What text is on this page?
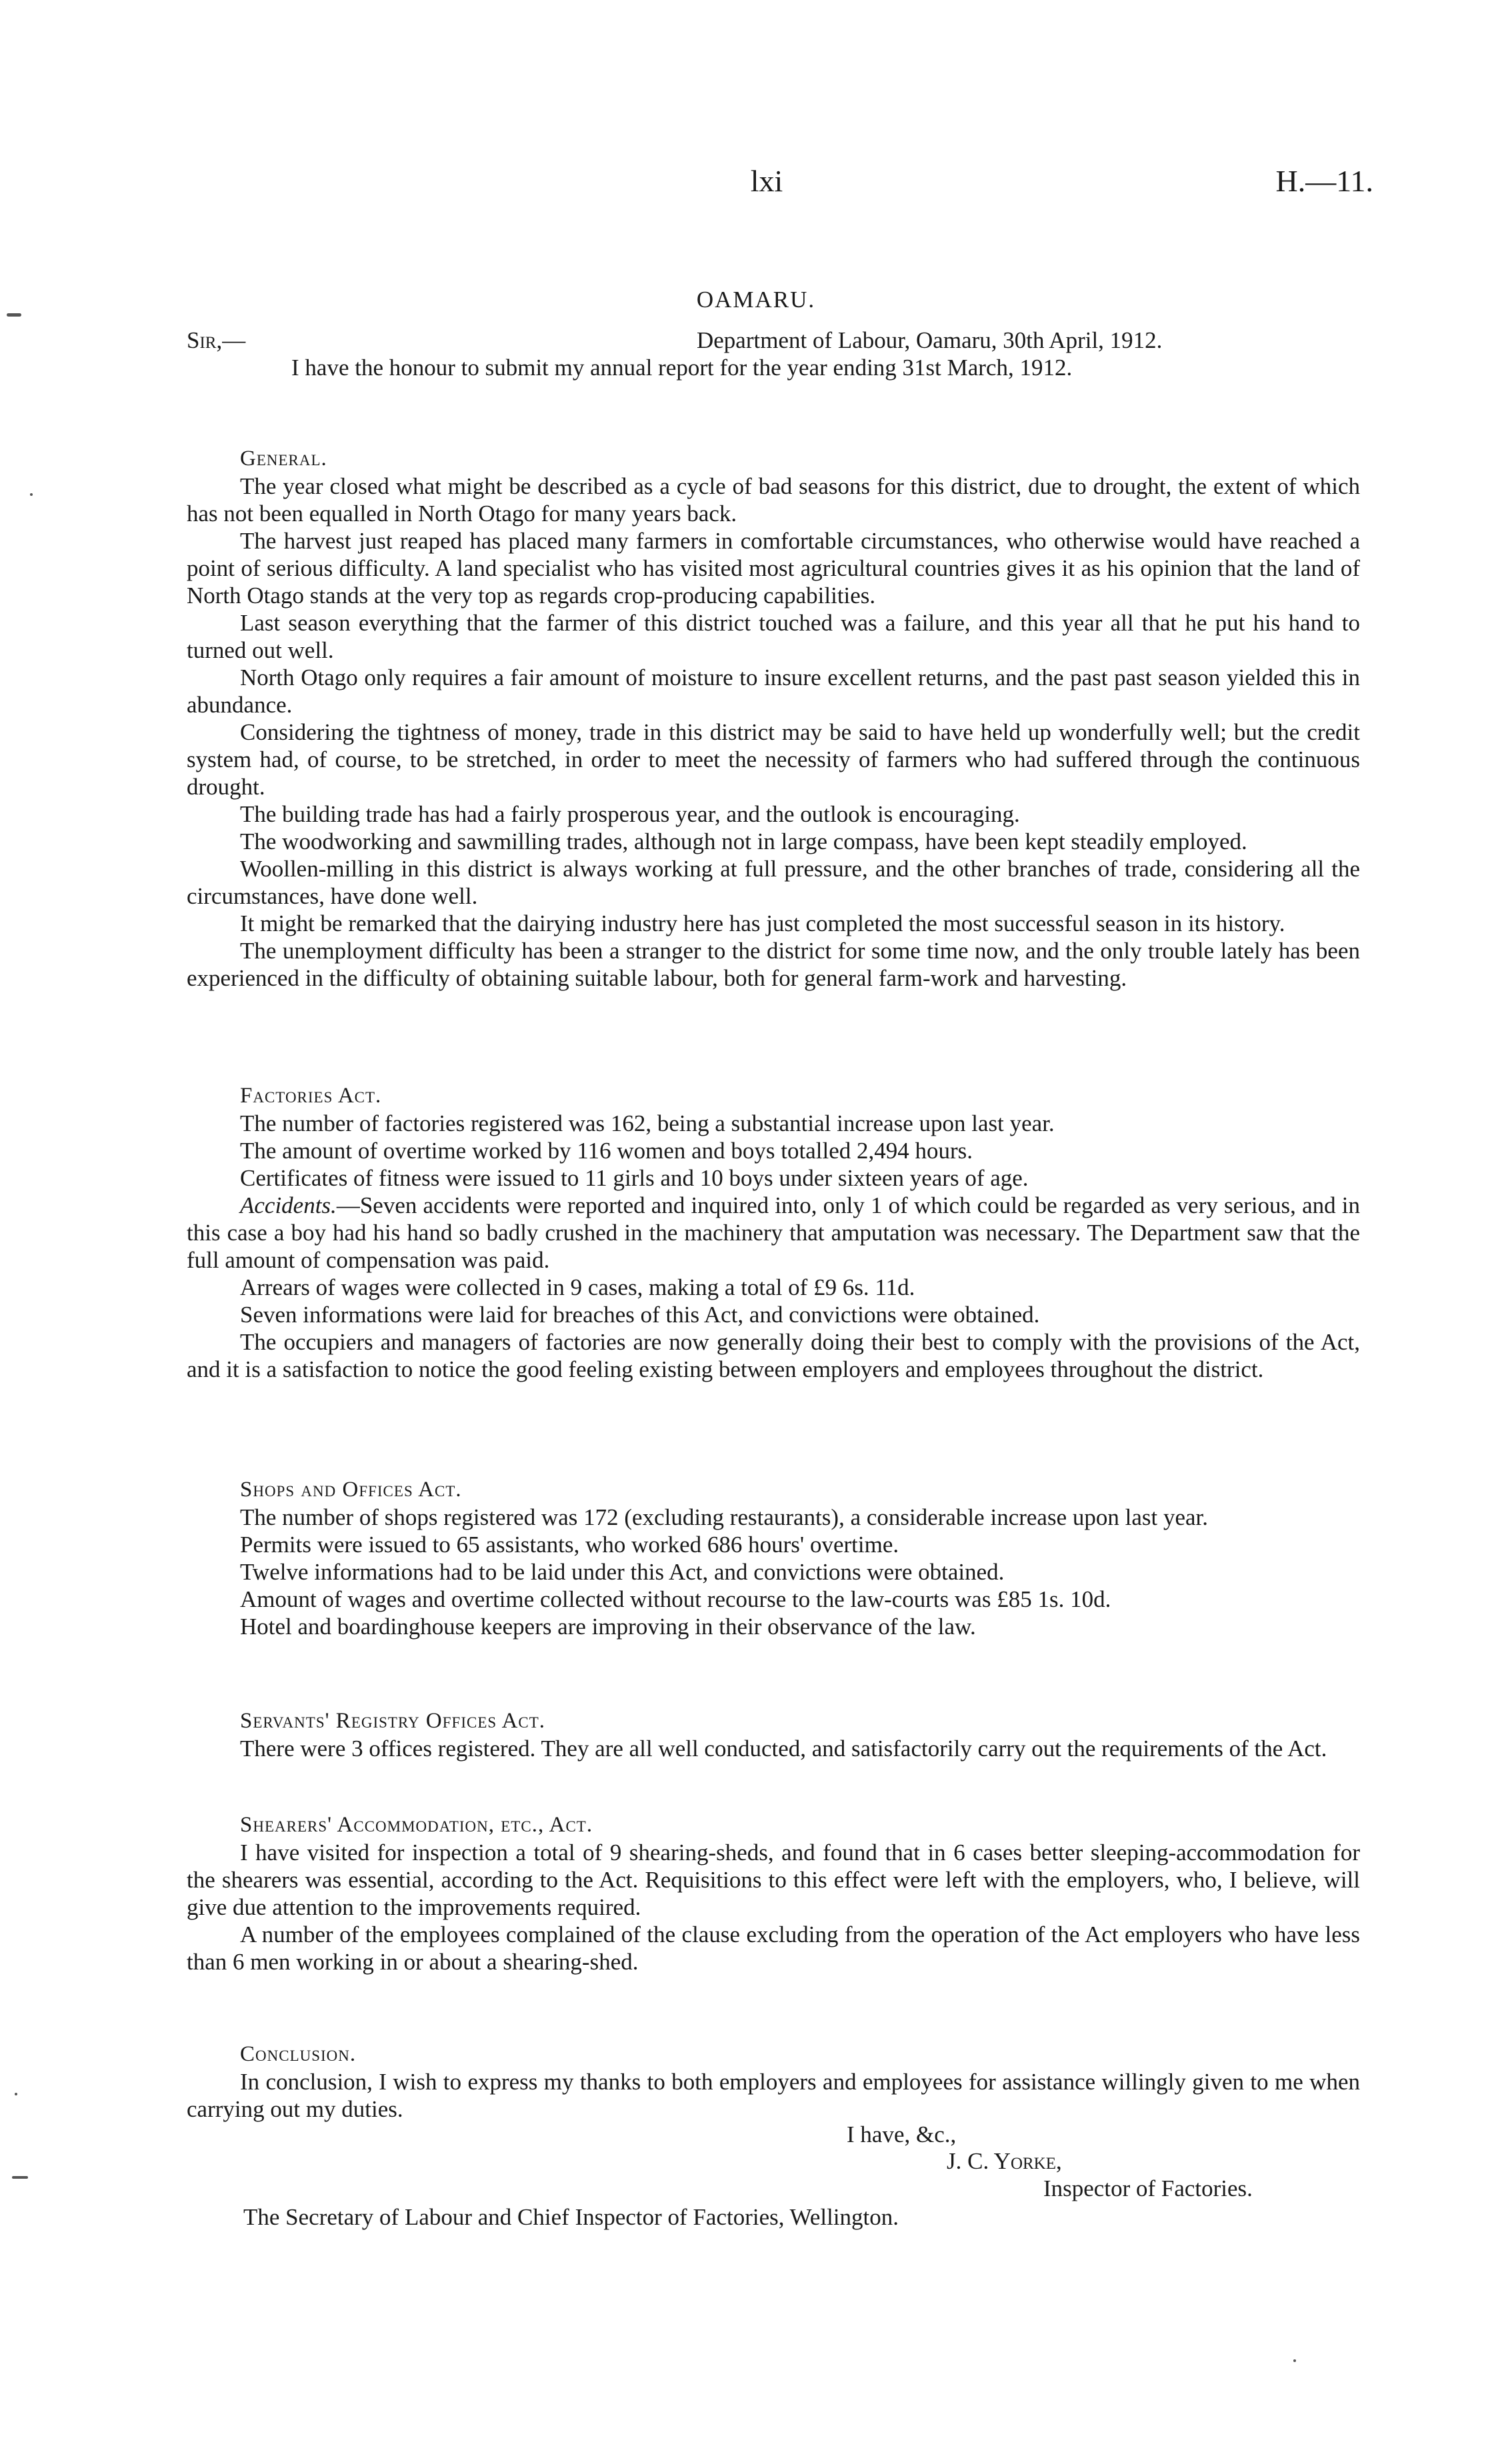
lxi	H.—11.
OAMARU.
Sir,—	Department of Labour, Oamaru, 30th April, 1912.
I have the honour to submit my annual report for the year ending 31st March, 1912.

General.

The year closed what might be described as a cycle of bad seasons for this district, due to drought, the extent of which has not been equalled in North Otago for many years back.

The harvest just reaped has placed many farmers in comfortable circumstances, who otherwise would have reached a point of serious difficulty. A land specialist who has visited most agricultural countries gives it as his opinion that the land of North Otago stands at the very top as regards crop-producing capabilities.

Last season everything that the farmer of this district touched was a failure, and this year all that he put his hand to turned out well.

North Otago only requires a fair amount of moisture to insure excellent returns, and the past past season yielded this in abundance.

Considering the tightness of money, trade in this district may be said to have held up wonderfully well; but the credit system had, of course, to be stretched, in order to meet the necessity of farmers who had suffered through the continuous drought.

The building trade has had a fairly prosperous year, and the outlook is encouraging.

The woodworking and sawmilling trades, although not in large compass, have been kept steadily employed.

Woollen-milling in this district is always working at full pressure, and the other branches of trade, considering all the circumstances, have done well.

It might be remarked that the dairying industry here has just completed the most successful season in its history.

The unemployment difficulty has been a stranger to the district for some time now, and the only trouble lately has been experienced in the difficulty of obtaining suitable labour, both for general farm-work and harvesting.

Factories Act.

The number of factories registered was 162, being a substantial increase upon last year.

The amount of overtime worked by 116 women and boys totalled 2,494 hours.

Certificates of fitness were issued to 11 girls and 10 boys under sixteen years of age.

Accidents.—Seven accidents were reported and inquired into, only 1 of which could be regarded as very serious, and in this case a boy had his hand so badly crushed in the machinery that amputation was necessary. The Department saw that the full amount of compensation was paid.

Arrears of wages were collected in 9 cases, making a total of £9 6s. 11d.

Seven informations were laid for breaches of this Act, and convictions were obtained.

The occupiers and managers of factories are now generally doing their best to comply with the provisions of the Act, and it is a satisfaction to notice the good feeling existing between employers and employees throughout the district.

Shops and Offices Act.

The number of shops registered was 172 (excluding restaurants), a considerable increase upon last year.

Permits were issued to 65 assistants, who worked 686 hours' overtime.

Twelve informations had to be laid under this Act, and convictions were obtained.

Amount of wages and overtime collected without recourse to the law-courts was £85 1s. 10d.

Hotel and boardinghouse keepers are improving in their observance of the law.

Servants' Registry Offices Act.

There were 3 offices registered. They are all well conducted, and satisfactorily carry out the requirements of the Act.

Shearers' Accommodation, etc., Act.

I have visited for inspection a total of 9 shearing-sheds, and found that in 6 cases better sleeping-accommodation for the shearers was essential, according to the Act. Requisitions to this effect were left with the employers, who, I believe, will give due attention to the improvements required.

A number of the employees complained of the clause excluding from the operation of the Act employers who have less than 6 men working in or about a shearing-shed.

Conclusion.

In conclusion, I wish to express my thanks to both employers and employees for assistance willingly given to me when carrying out my duties.

I have, &c.,
J. C. Yorke,
Inspector of Factories.
The Secretary of Labour and Chief Inspector of Factories, Wellington.
